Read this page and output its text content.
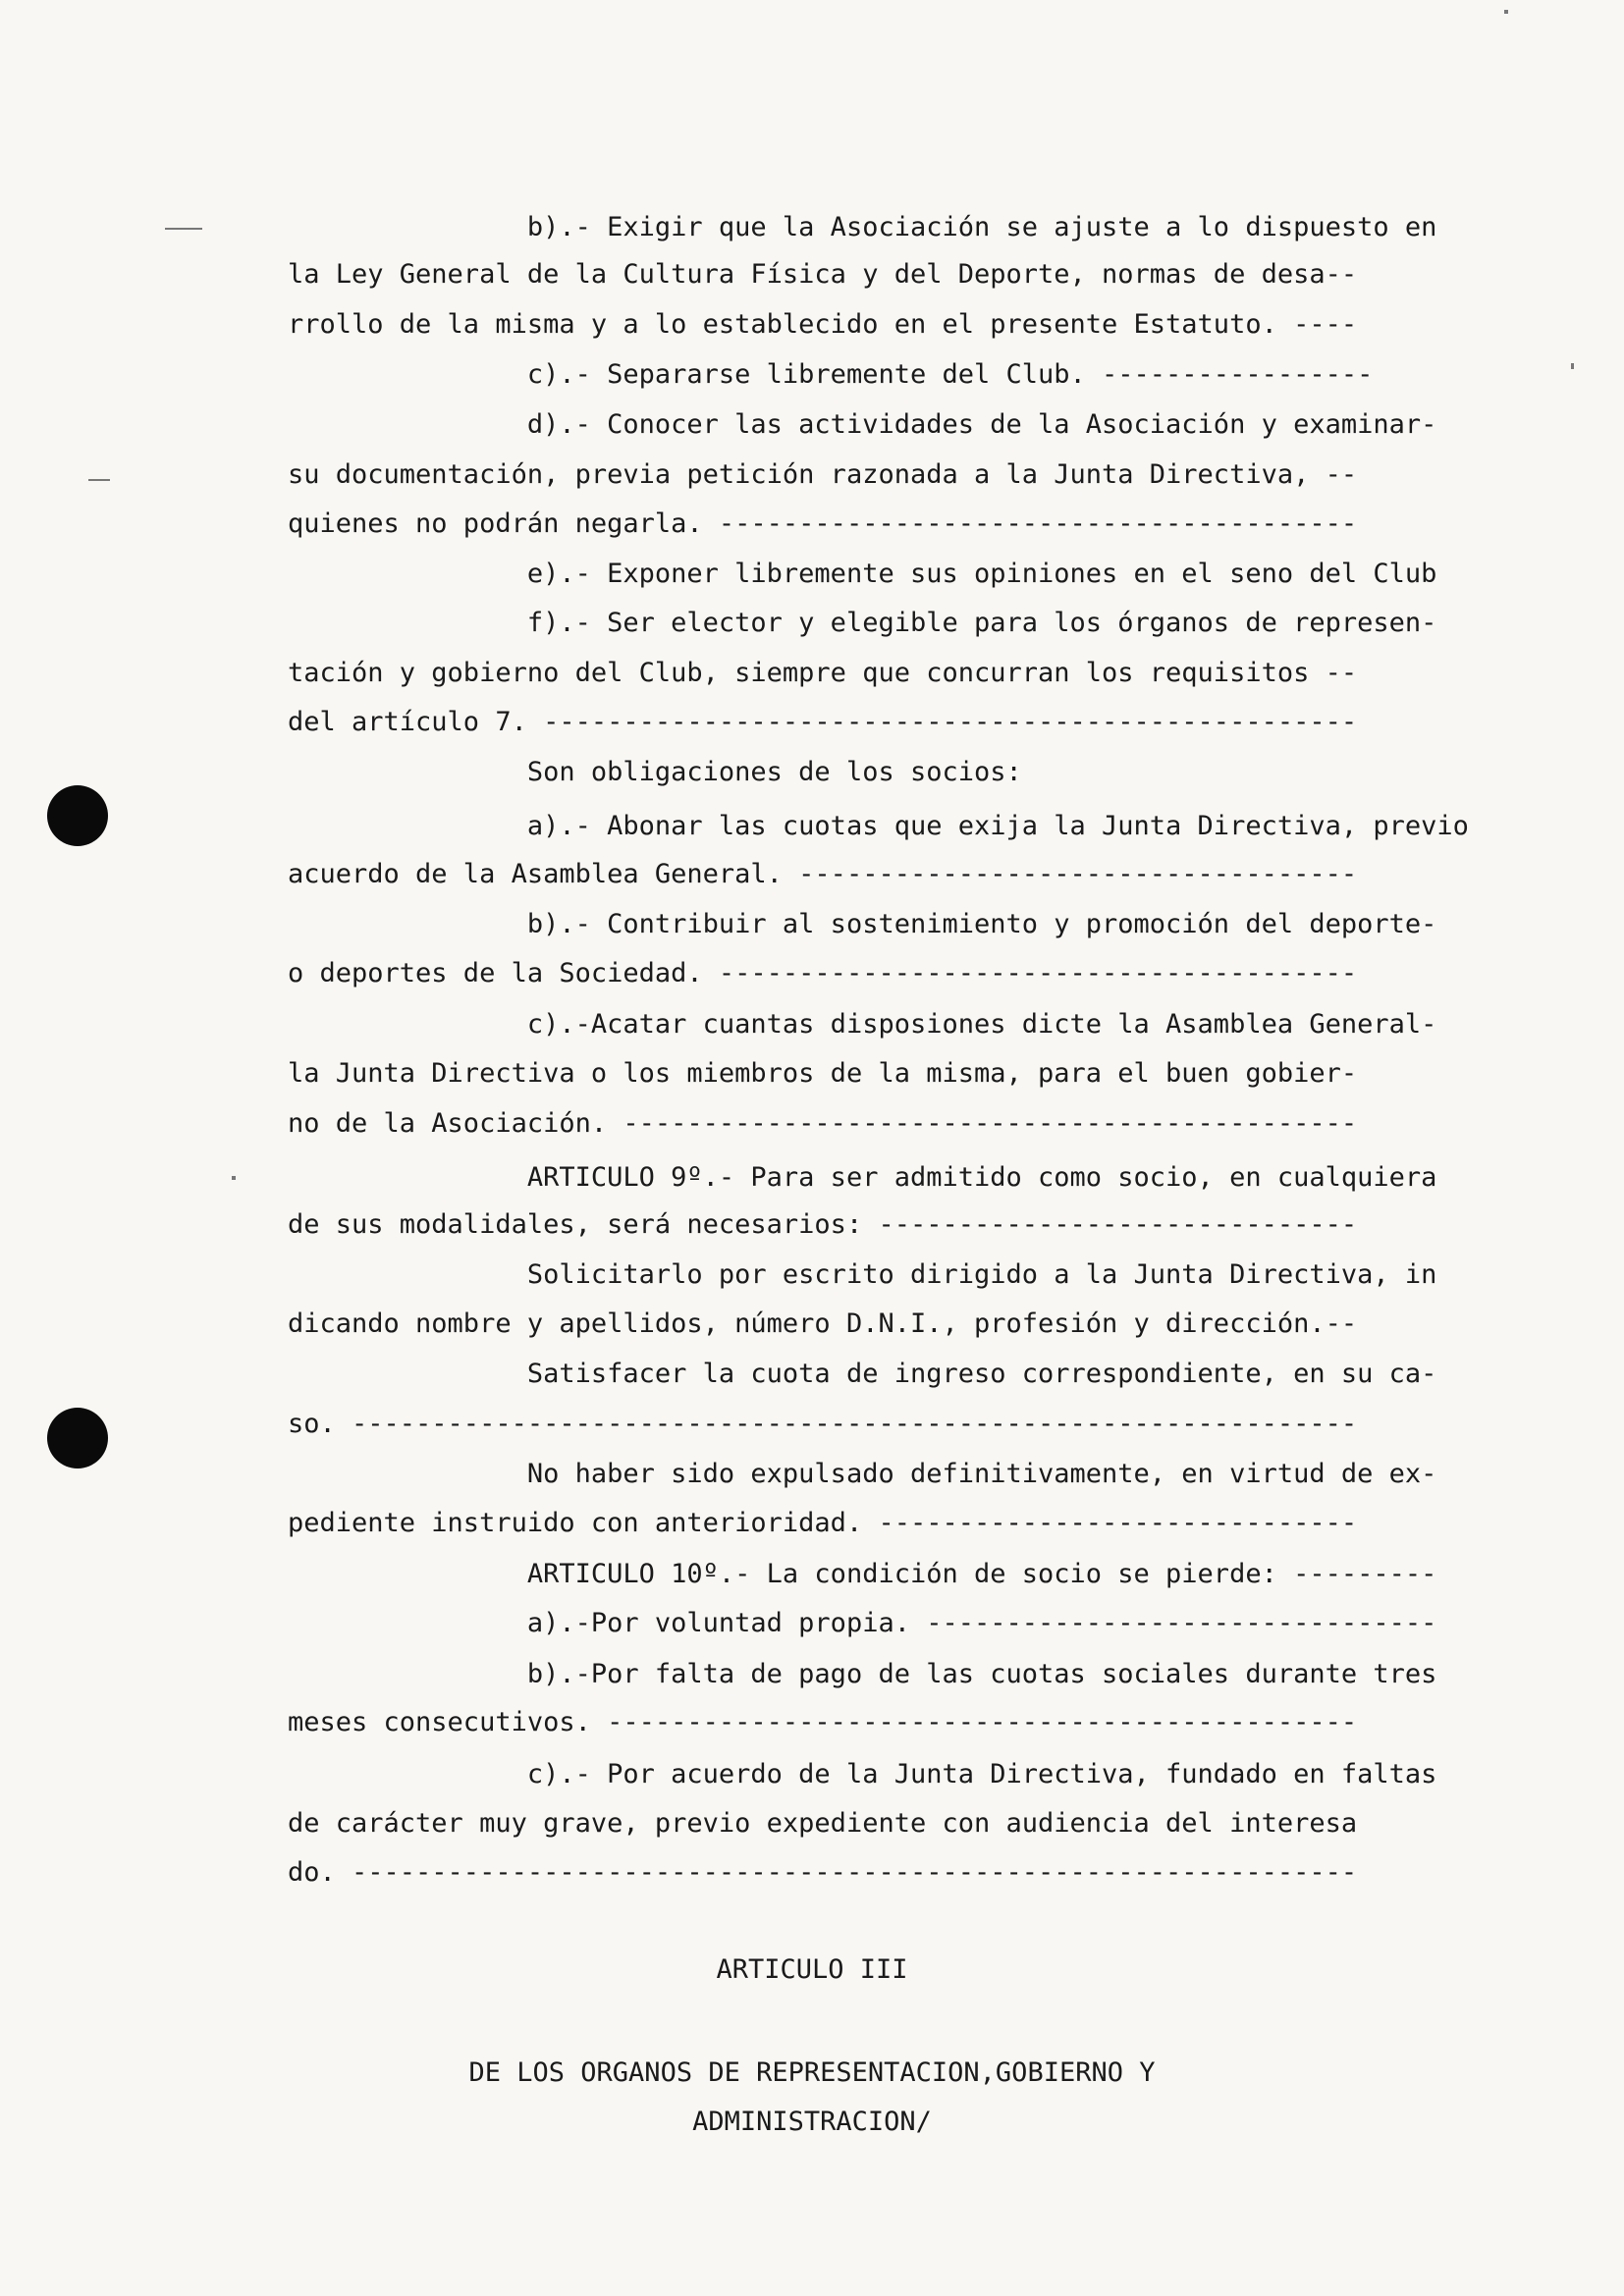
b).- Exigir que la Asociación se ajuste a lo dispuesto en
la Ley General de la Cultura Física y del Deporte, normas de desa--
rrollo de la misma y a lo establecido en el presente Estatuto. ----
c).- Separarse libremente del Club. -----------------
d).- Conocer las actividades de la Asociación y examinar-
su documentación, previa petición razonada a la Junta Directiva, --
quienes no podrán negarla. ----------------------------------------
e).- Exponer libremente sus opiniones en el seno del Club
f).- Ser elector y elegible para los órganos de represen-
tación y gobierno del Club, siempre que concurran los requisitos --
del artículo 7. ---------------------------------------------------
Son obligaciones de los socios:
a).- Abonar las cuotas que exija la Junta Directiva, previo
acuerdo de la Asamblea General. -----------------------------------
b).- Contribuir al sostenimiento y promoción del deporte-
o deportes de la Sociedad. ----------------------------------------
c).-Acatar cuantas disposiones dicte la Asamblea General-
la Junta Directiva o los miembros de la misma, para el buen gobier-
no de la Asociación. ----------------------------------------------
ARTICULO 9º.- Para ser admitido como socio, en cualquiera
de sus modalidales, será necesarios: ------------------------------
Solicitarlo por escrito dirigido a la Junta Directiva, in
dicando nombre y apellidos, número D.N.I., profesión y dirección.--
Satisfacer la cuota de ingreso correspondiente, en su ca-
so. ---------------------------------------------------------------
No haber sido expulsado definitivamente, en virtud de ex-
pediente instruido con anterioridad. ------------------------------
ARTICULO 10º.- La condición de socio se pierde: ---------
a).-Por voluntad propia. --------------------------------
b).-Por falta de pago de las cuotas sociales durante tres
meses consecutivos. -----------------------------------------------
c).- Por acuerdo de la Junta Directiva, fundado en faltas
de carácter muy grave, previo expediente con audiencia del interesa
do. ---------------------------------------------------------------
ARTICULO III
DE LOS ORGANOS DE REPRESENTACION,GOBIERNO Y
ADMINISTRACION/
